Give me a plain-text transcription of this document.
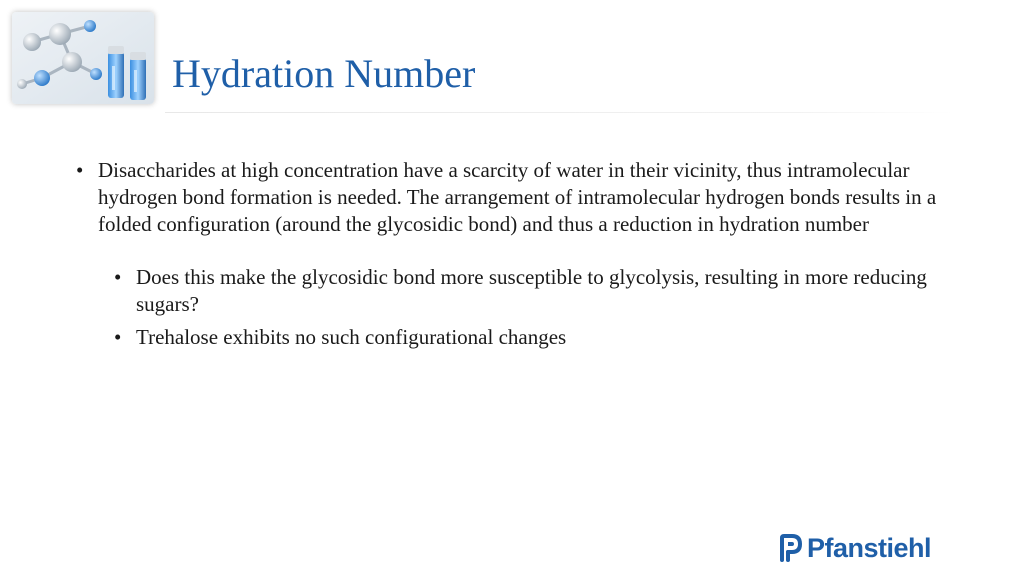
Hydration Number
• Disaccharides at high concentration have a scarcity of water in their vicinity, thus intramolecular hydrogen bond formation is needed. The arrangement of intramolecular hydrogen bonds results in a folded configuration (around the glycosidic bond) and thus a reduction in hydration number
• Does this make the glycosidic bond more susceptible to glycolysis, resulting in more reducing sugars?
• Trehalose exhibits no such configurational changes
Pfanstiehl
